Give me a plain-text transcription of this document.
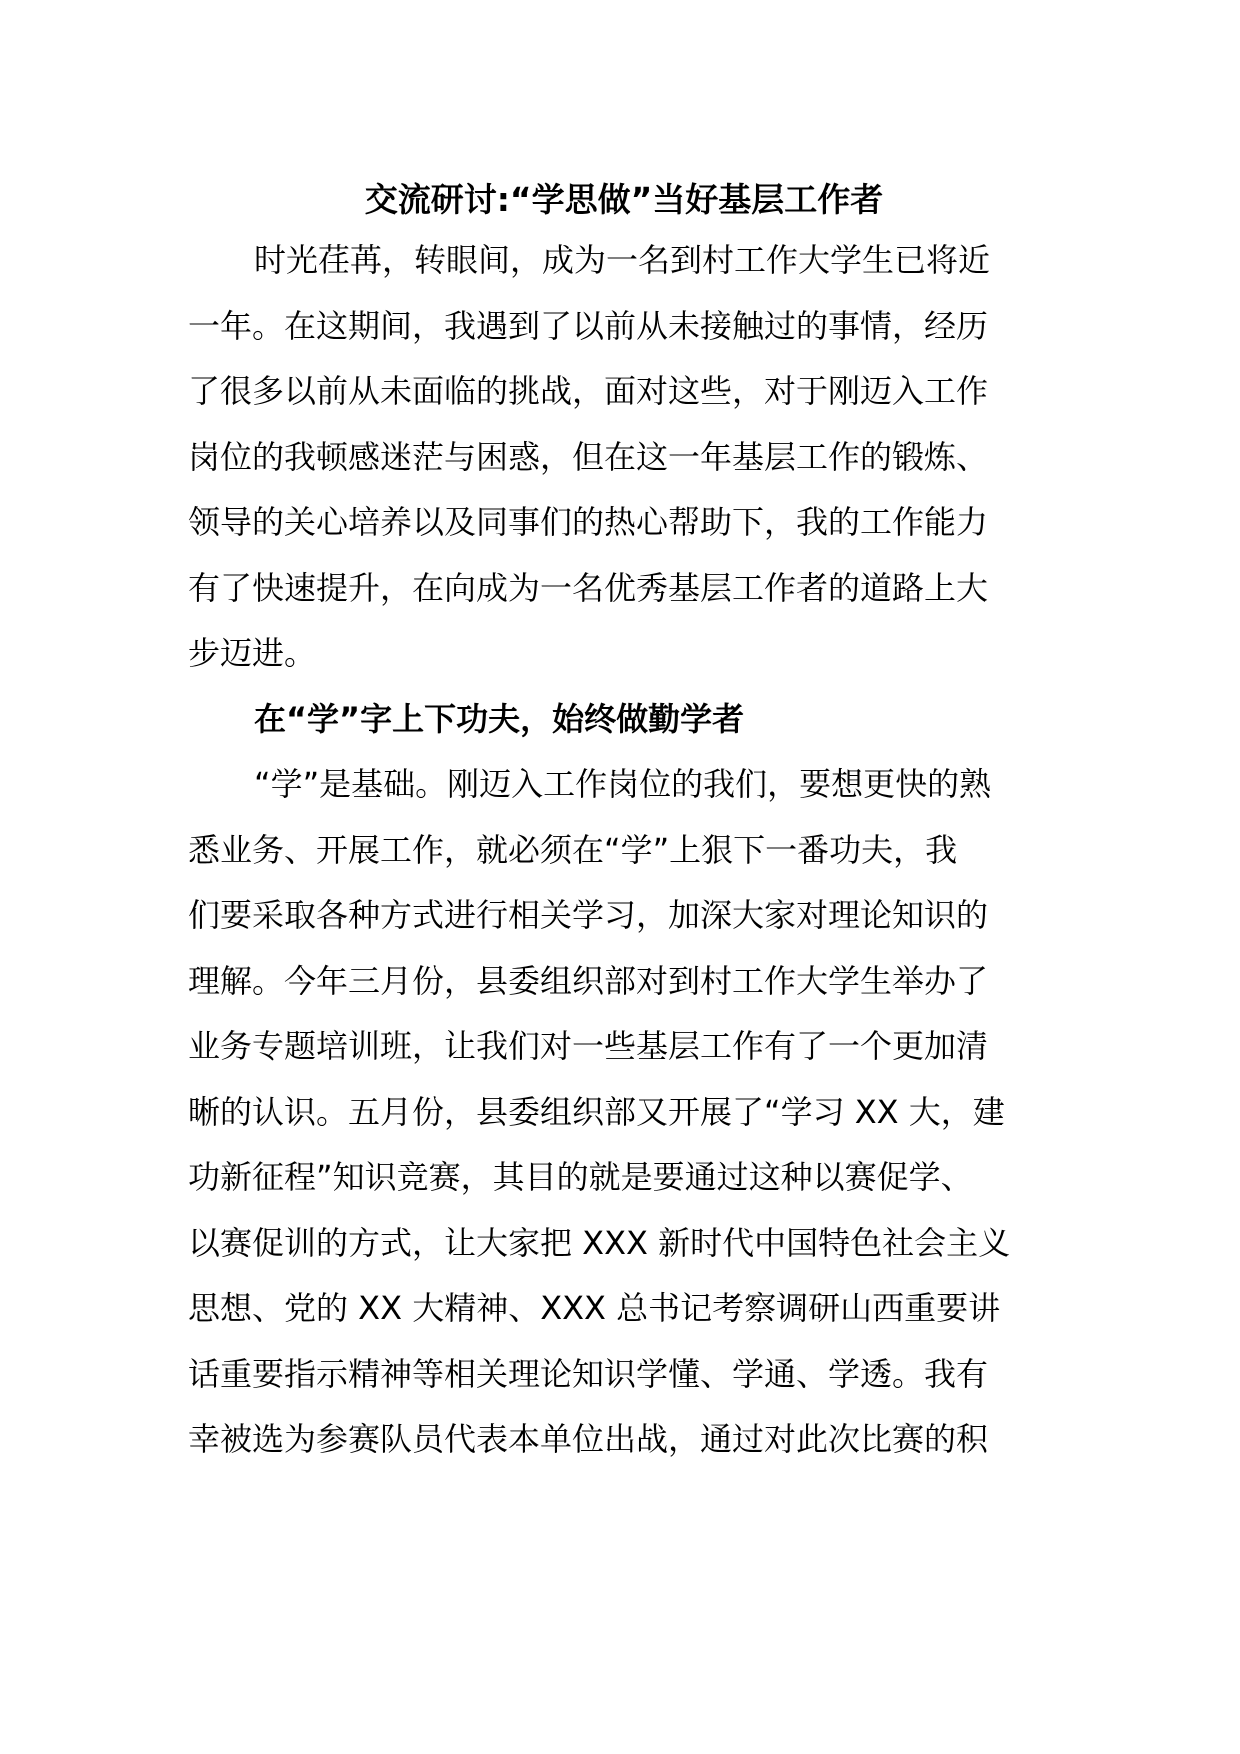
交流研讨:“学思做”当好基层工作者
时光荏苒，转眼间，成为一名到村工作大学生已将近
一年。在这期间，我遇到了以前从未接触过的事情，经历
了很多以前从未面临的挑战，面对这些，对于刚迈入工作
岗位的我顿感迷茫与困惑，但在这一年基层工作的锻炼、
领导的关心培养以及同事们的热心帮助下，我的工作能力
有了快速提升，在向成为一名优秀基层工作者的道路上大
步迈进。
在“学”字上下功夫，始终做勤学者
“学”是基础。刚迈入工作岗位的我们，要想更快的熟
悉业务、开展工作，就必须在“学”上狠下一番功夫，我
们要采取各种方式进行相关学习，加深大家对理论知识的
理解。今年三月份，县委组织部对到村工作大学生举办了
业务专题培训班，让我们对一些基层工作有了一个更加清
晰的认识。五月份，县委组织部又开展了“学习 XX 大，建
功新征程”知识竞赛，其目的就是要通过这种以赛促学、
以赛促训的方式，让大家把 XXX 新时代中国特色社会主义
思想、党的 XX 大精神、XXX 总书记考察调研山西重要讲
话重要指示精神等相关理论知识学懂、学通、学透。我有
幸被选为参赛队员代表本单位出战，通过对此次比赛的积
